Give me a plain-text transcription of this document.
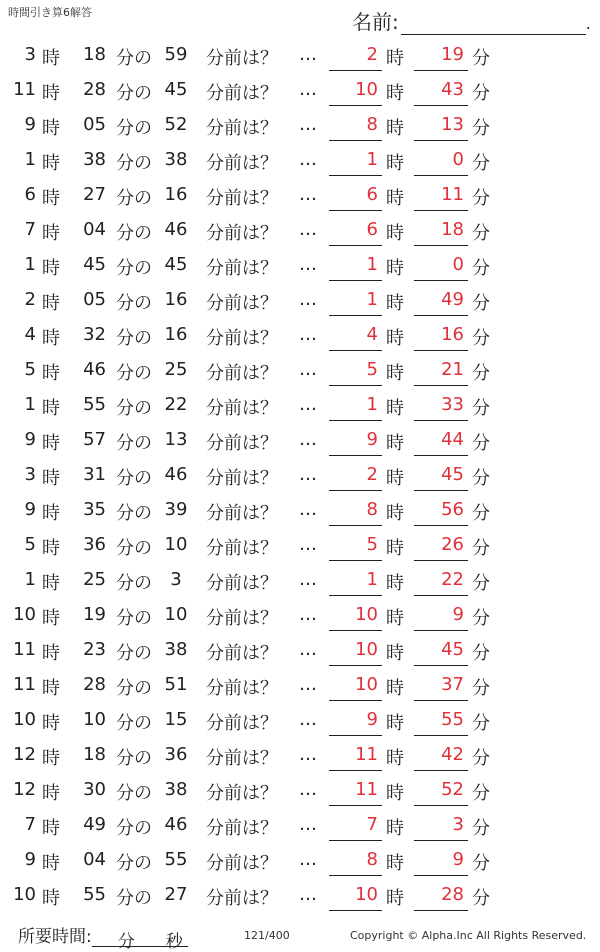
時間引き算6解答	名前:	.
3 時	18 分の 59	分前は？ …	2 時	19 分
11 時	28 分の 45	分前は？ …	10 時	43 分
9 時	05 分の 52	分前は？ …	8 時	13 分
1 時	38 分の 38	分前は？ …	1 時	0 分
6 時	27 分の 16	分前は？ …	6 時	11 分
7 時	04 分の 46	分前は？ …	6 時	18 分
1 時	45 分の 45	分前は？ …	1 時	0 分
2 時	05 分の 16	分前は？ …	1 時	49 分
4 時	32 分の 16	分前は？ …	4 時	16 分
5 時	46 分の 25	分前は？ …	5 時	21 分
1 時	55 分の 22	分前は？ …	1 時	33 分
9 時	57 分の 13	分前は？ …	9 時	44 分
3 時	31 分の 46	分前は？ …	2 時	45 分
9 時	35 分の 39	分前は？ …	8 時	56 分
5 時	36 分の 10	分前は？ …	5 時	26 分
1 時	25 分の	3	分前は？ …	1 時	22 分
10 時	19 分の 10	分前は？ …	10 時	9 分
11 時	23 分の 38	分前は？ …	10 時	45 分
11 時	28 分の 51	分前は？ …	10 時	37 分
10 時	10 分の 15	分前は？ …	9 時	55 分
12 時	18 分の 36	分前は？ …	11 時	42 分
12 時	30 分の 38	分前は？ …	11 時	52 分
7 時	49 分の 46	分前は？ …	7 時	3 分
9 時	04 分の 55	分前は？ …	8 時	9 分
10 時	55 分の 27	分前は？ …	10 時	28 分
所要時間: 分 秒	121/400	Copyright © Alpha.Inc All Rights Reserved.
